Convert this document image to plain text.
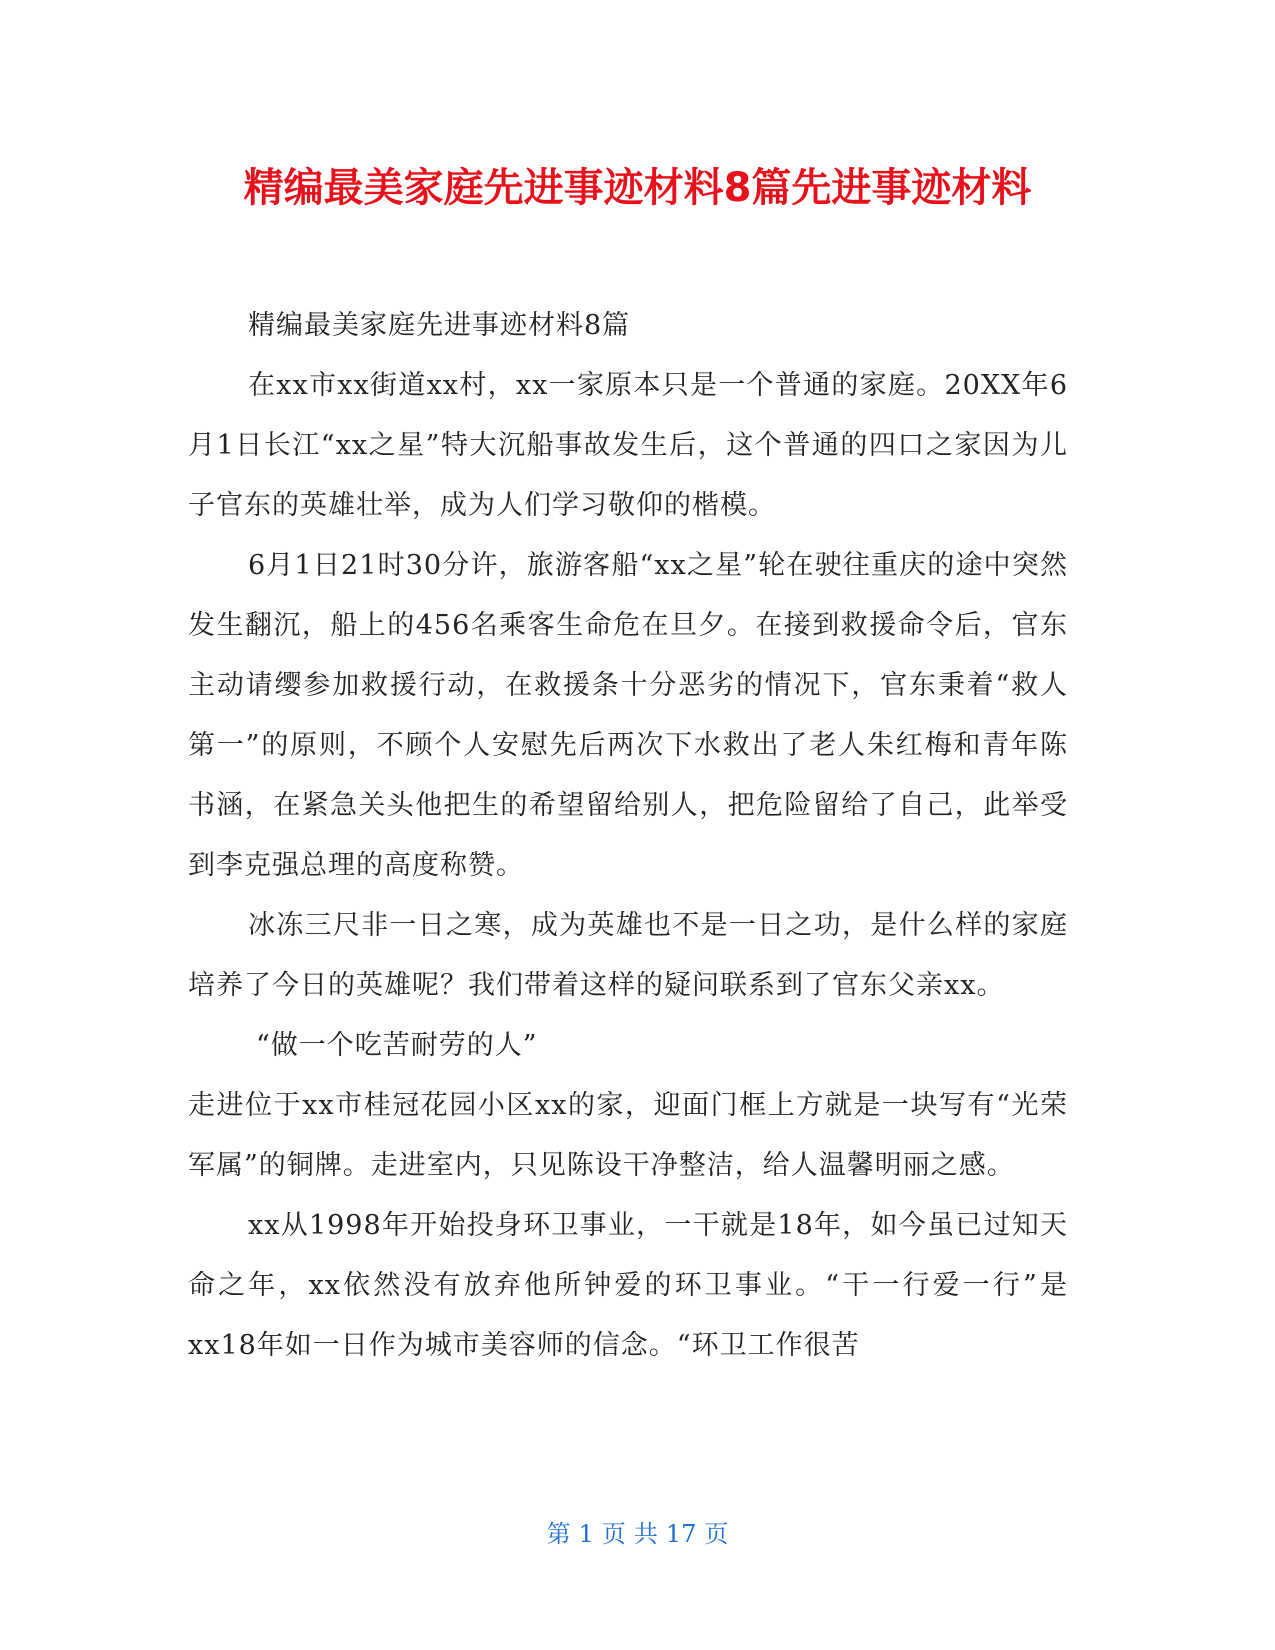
精编最美家庭先进事迹材料8篇先进事迹材料

精编最美家庭先进事迹材料8篇

在xx市xx街道xx村，xx一家原本只是一个普通的家庭。20XX年6月1日长江“xx之星”特大沉船事故发生后，这个普通的四口之家因为儿子官东的英雄壮举，成为人们学习敬仰的楷模。

6月1日21时30分许，旅游客船“xx之星”轮在驶往重庆的途中突然发生翻沉，船上的456名乘客生命危在旦夕。在接到救援命令后，官东主动请缨参加救援行动，在救援条十分恶劣的情况下，官东秉着“救人第一”的原则，不顾个人安慰先后两次下水救出了老人朱红梅和青年陈书涵，在紧急关头他把生的希望留给别人，把危险留给了自己，此举受到李克强总理的高度称赞。

冰冻三尺非一日之寒，成为英雄也不是一日之功，是什么样的家庭培养了今日的英雄呢？我们带着这样的疑问联系到了官东父亲xx。

“做一个吃苦耐劳的人”

走进位于xx市桂冠花园小区xx的家，迎面门框上方就是一块写有“光荣军属”的铜牌。走进室内，只见陈设干净整洁，给人温馨明丽之感。

xx从1998年开始投身环卫事业，一干就是18年，如今虽已过知天命之年，xx依然没有放弃他所钟爱的环卫事业。“干一行爱一行”是xx18年如一日作为城市美容师的信念。“环卫工作很苦

第 1 页 共 17 页
